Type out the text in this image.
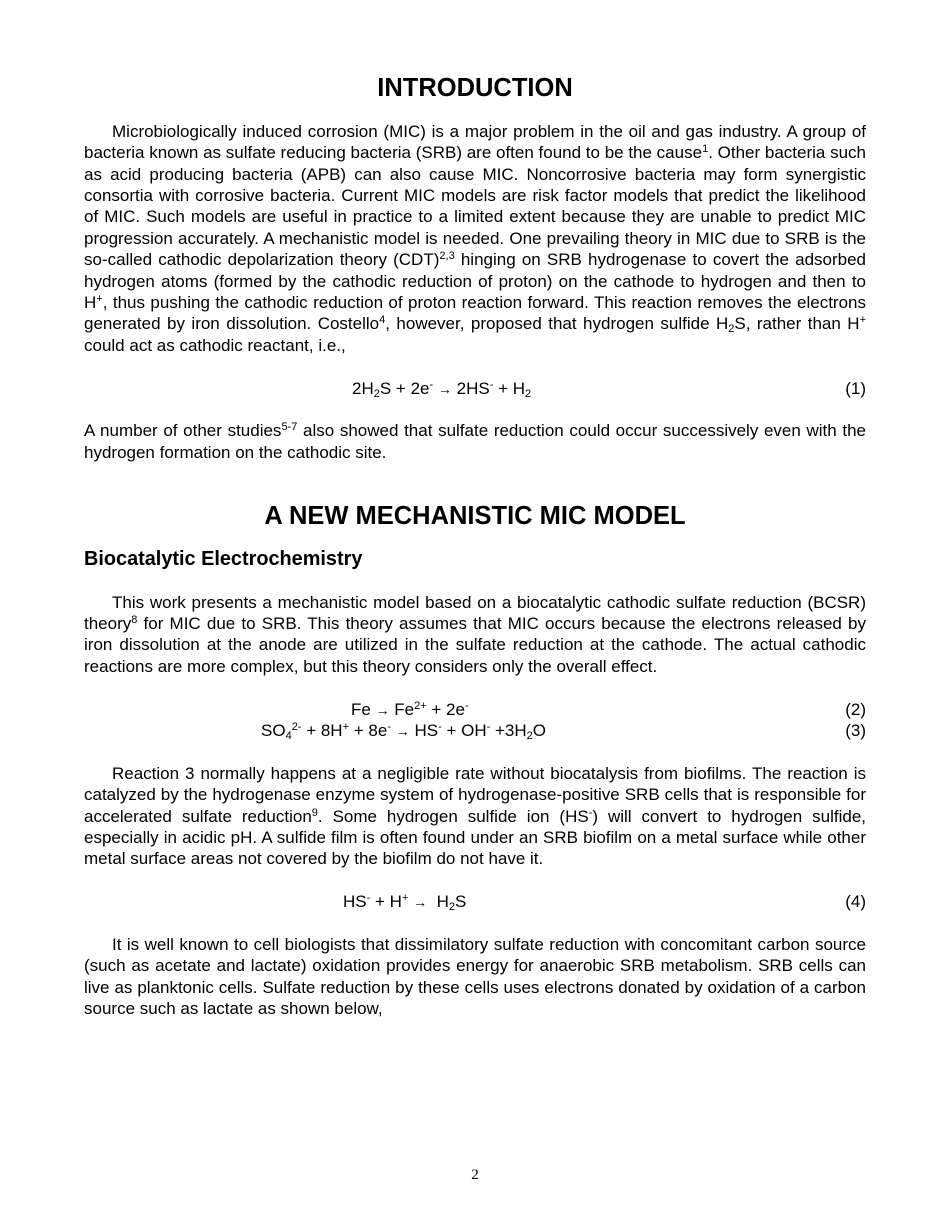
INTRODUCTION

Microbiologically induced corrosion (MIC) is a major problem in the oil and gas industry. A group of bacteria known as sulfate reducing bacteria (SRB) are often found to be the cause$^1$. Other bacteria such as acid producing bacteria (APB) can also cause MIC. Noncorrosive bacteria may form synergistic consortia with corrosive bacteria. Current MIC models are risk factor models that predict the likelihood of MIC. Such models are useful in practice to a limited extent because they are unable to predict MIC progression accurately. A mechanistic model is needed. One prevailing theory in MIC due to SRB is the so-called cathodic depolarization theory (CDT)$^{2,3}$ hinging on SRB hydrogenase to covert the adsorbed hydrogen atoms (formed by the cathodic reduction of proton) on the cathode to hydrogen and then to H+, thus pushing the cathodic reduction of proton reaction forward. This reaction removes the electrons generated by iron dissolution. Costello$^4$, however, proposed that hydrogen sulfide $H_2S$, rather than H+ could act as cathodic reactant, i.e.,

$2H_2S + 2e^- \to 2HS^- + H_2$	(1)

A number of other studies$^{5-7}$ also showed that sulfate reduction could occur successively even with the hydrogen formation on the cathodic site.

A NEW MECHANISTIC MIC MODEL
Biocatalytic Electrochemistry

This work presents a mechanistic model based on a biocatalytic cathodic sulfate reduction (BCSR) theory$^8$ for MIC due to SRB. This theory assumes that MIC occurs because the electrons released by iron dissolution at the anode are utilized in the sulfate reduction at the cathode. The actual cathodic reactions are more complex, but this theory considers only the overall effect.

$Fe \to Fe^{2+} + 2e^-$	(2)
$SO_4^{2-} + 8H^+ + 8e^- \to HS^- + OH^- +3H_2O$	(3)

Reaction 3 normally happens at a negligible rate without biocatalysis from biofilms. The reaction is catalyzed by the hydrogenase enzyme system of hydrogenase-positive SRB cells that is responsible for accelerated sulfate reduction$^9$. Some hydrogen sulfide ion (HS-) will convert to hydrogen sulfide, especially in acidic pH. A sulfide film is often found under an SRB biofilm on a metal surface while other metal surface areas not covered by the biofilm do not have it.

$HS^- + H^+ \to H_2S$	(4)

It is well known to cell biologists that dissimilatory sulfate reduction with concomitant carbon source (such as acetate and lactate) oxidation provides energy for anaerobic SRB metabolism. SRB cells can live as planktonic cells. Sulfate reduction by these cells uses electrons donated by oxidation of a carbon source such as lactate as shown below,

2
